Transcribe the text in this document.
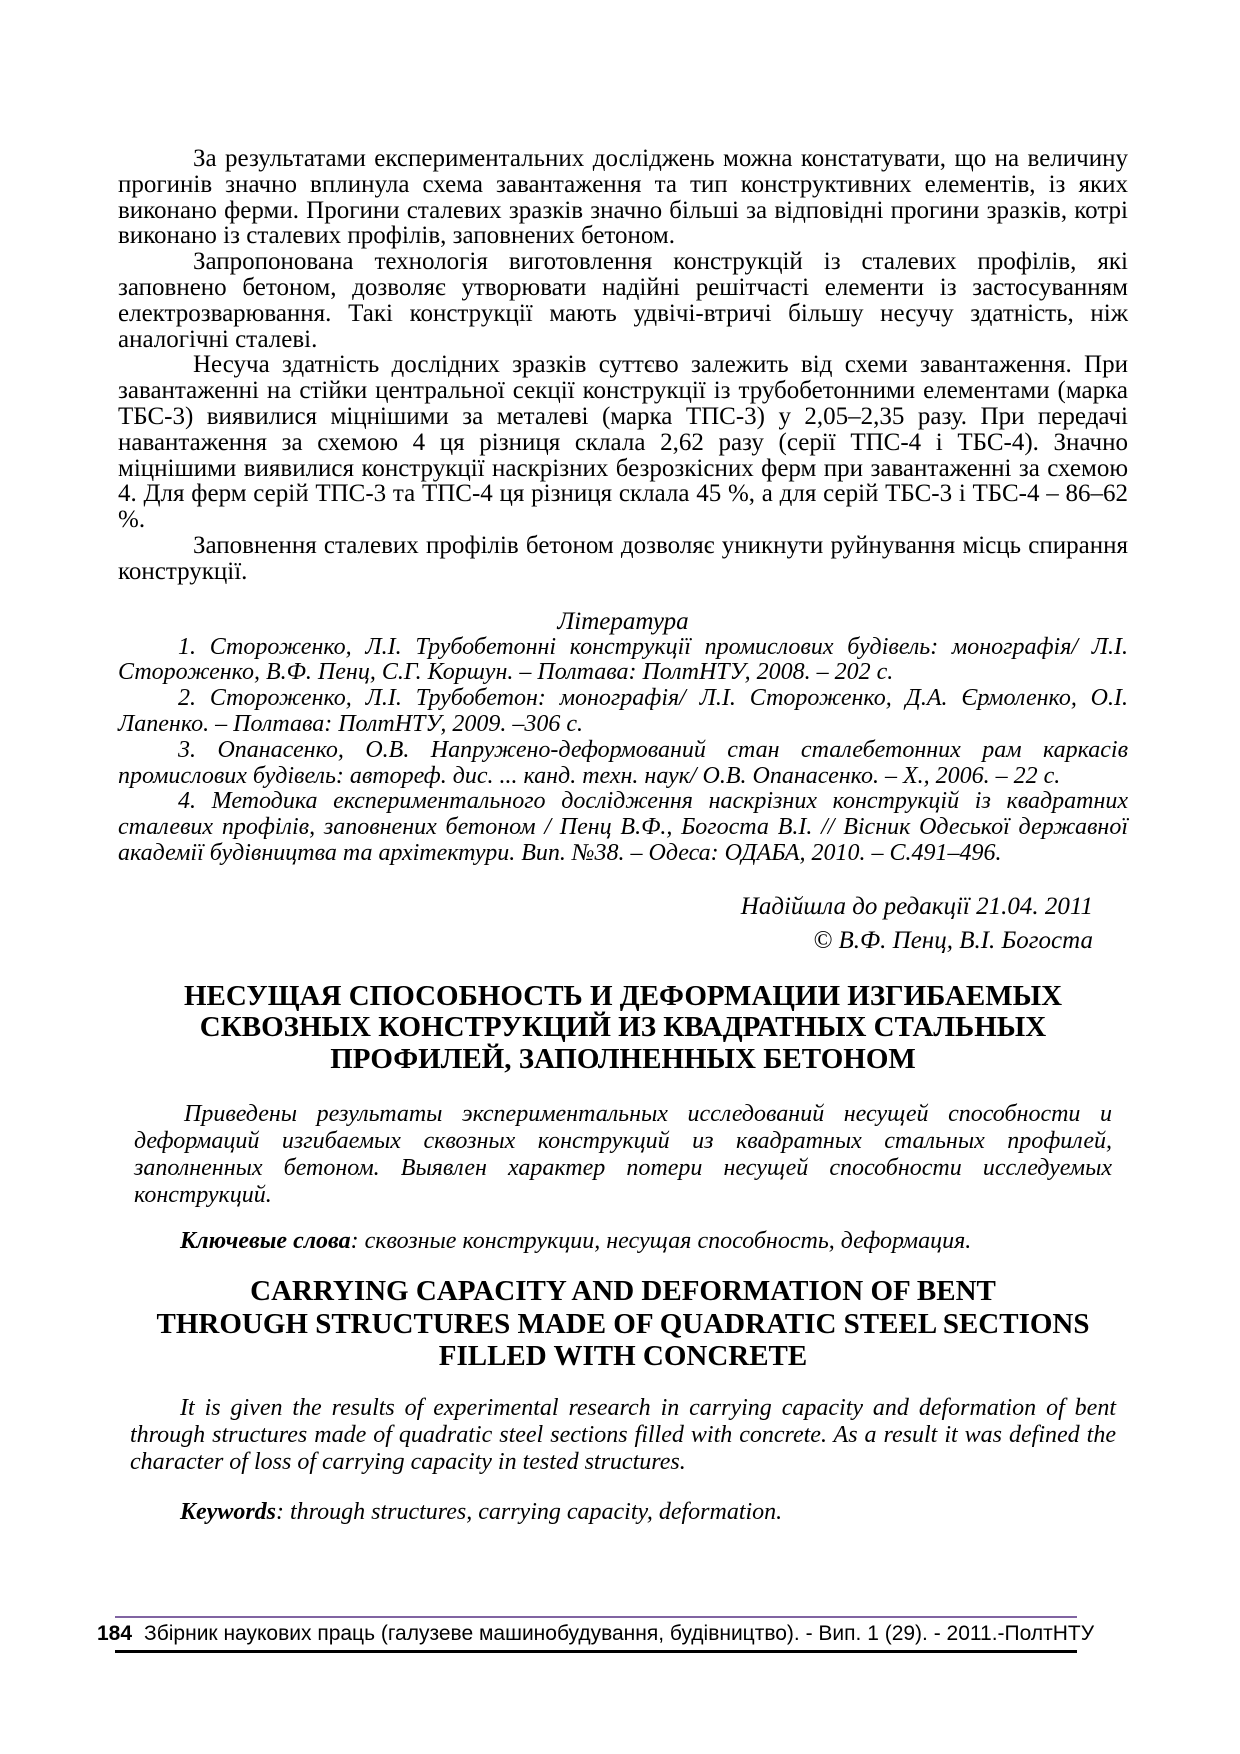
За результатами експериментальних досліджень можна констатувати, що на величину прогинів значно вплинула схема завантаження та тип конструктивних елементів, із яких виконано ферми. Прогини сталевих зразків значно більші за відповідні прогини зразків, котрі виконано із сталевих профілів, заповнених бетоном.

Запропонована технологія виготовлення конструкцій із сталевих профілів, які заповнено бетоном, дозволяє утворювати надійні решітчасті елементи із застосуванням електрозварювання. Такі конструкції мають удвічі-втричі більшу несучу здатність, ніж аналогічні сталеві.

Несуча здатність дослідних зразків суттєво залежить від схеми завантаження. При завантаженні на стійки центральної секції конструкції із трубобетонними елементами (марка ТБС-3) виявилися міцнішими за металеві (марка ТПС-3) у 2,05–2,35 разу. При передачі навантаження за схемою 4 ця різниця склала 2,62 разу (серії ТПС-4 і ТБС-4). Значно міцнішими виявилися конструкції наскрізних безрозкісних ферм при завантаженні за схемою 4. Для ферм серій ТПС-3 та ТПС-4 ця різниця склала 45 %, а для серій ТБС-3 і ТБС-4 – 86–62 %.

Заповнення сталевих профілів бетоном дозволяє уникнути руйнування місць спирання конструкції.

Література

1. Стороженко, Л.І. Трубобетонні конструкції промислових будівель: монографія/ Л.І. Стороженко, В.Ф. Пенц, С.Г. Коршун. – Полтава: ПолтНТУ, 2008. – 202 с.

2. Стороженко, Л.І. Трубобетон: монографія/ Л.І. Стороженко, Д.А. Єрмоленко, О.І. Лапенко. – Полтава: ПолтНТУ, 2009. –306 с.

3. Опанасенко, О.В. Напружено-деформований стан сталебетонних рам каркасів промислових будівель: автореф. дис. ... канд. техн. наук/ О.В. Опанасенко. – Х., 2006. – 22 с.

4. Методика експериментального дослідження наскрізних конструкцій із квадратних сталевих профілів, заповнених бетоном / Пенц В.Ф., Богоста В.І. // Вісник Одеської державної академії будівництва та архітектури. Вип. №38. – Одеса: ОДАБА, 2010. – С.491–496.

Надійшла до редакції 21.04. 2011

© В.Ф. Пенц, В.І. Богоста

НЕСУЩАЯ СПОСОБНОСТЬ И ДЕФОРМАЦИИ ИЗГИБАЕМЫХ
СКВОЗНЫХ КОНСТРУКЦИЙ ИЗ КВАДРАТНЫХ СТАЛЬНЫХ
ПРОФИЛЕЙ, ЗАПОЛНЕННЫХ БЕТОНОМ

Приведены результаты экспериментальных исследований несущей способности и деформаций изгибаемых сквозных конструкций из квадратных стальных профилей, заполненных бетоном. Выявлен характер потери несущей способности исследуемых конструкций.

Ключевые слова: сквозные конструкции, несущая способность, деформация.

CARRYING CAPACITY AND DEFORMATION OF BENT
THROUGH STRUCTURES MADE OF QUADRATIC STEEL SECTIONS
FILLED WITH CONCRETE

It is given the results of experimental research in carrying capacity and deformation of bent through structures made of quadratic steel sections filled with concrete. As a result it was defined the character of loss of carrying capacity in tested structures.

Keywords: through structures, carrying capacity, deformation.

184 Збірник наукових праць (галузеве машинобудування, будівництво). - Вип. 1 (29). - 2011.-ПолтНТУ
